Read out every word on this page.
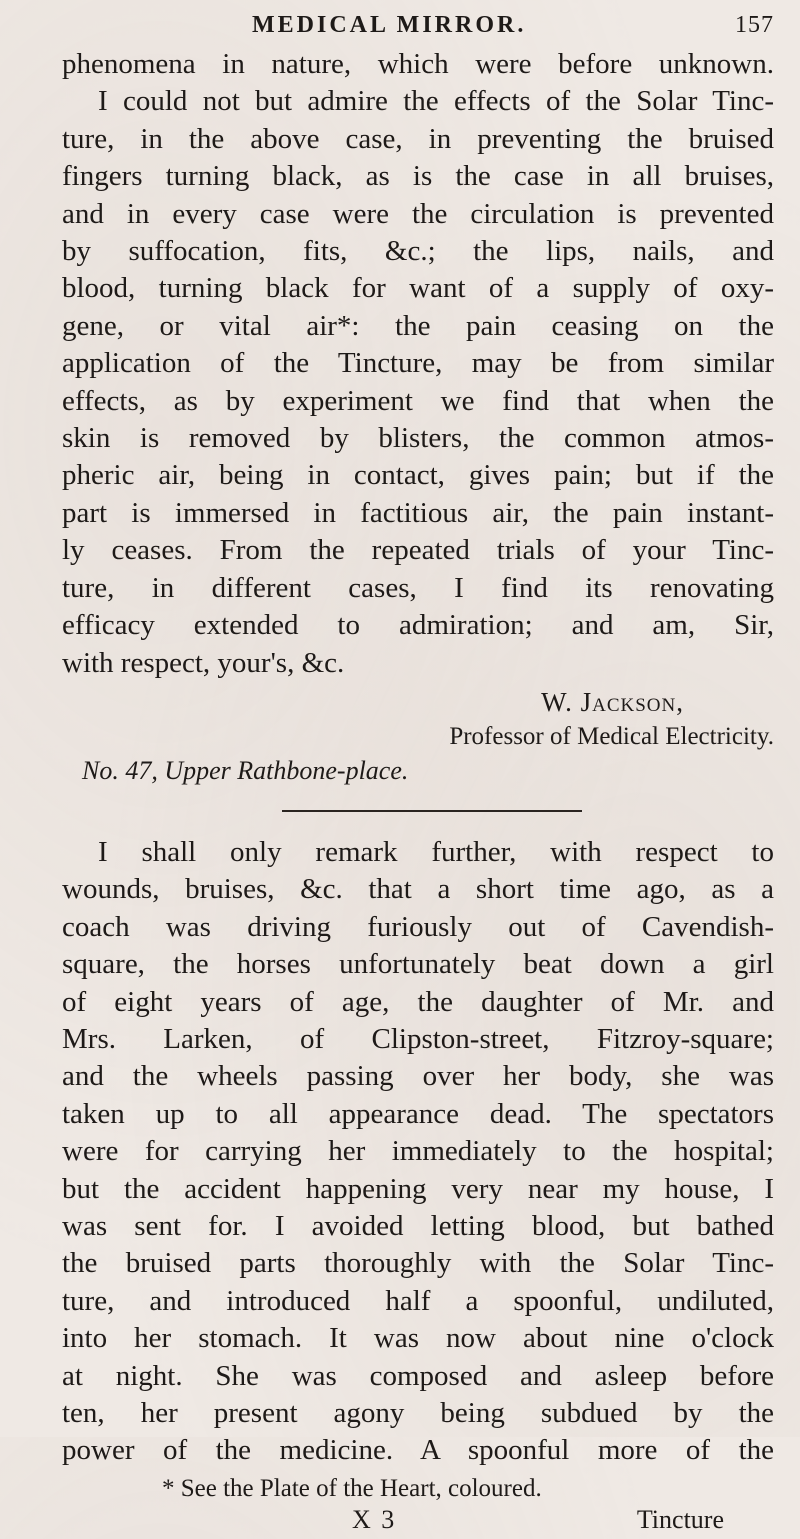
MEDICAL MIRROR.	157
phenomena in nature, which were before unknown.
I could not but admire the effects of the Solar Tinc-
ture, in the above case, in preventing the bruised
fingers turning black, as is the case in all bruises,
and in every case were the circulation is prevented
by suffocation, fits, &c.; the lips, nails, and
blood, turning black for want of a supply of oxy-
gene, or vital air*: the pain ceasing on the
application of the Tincture, may be from similar
effects, as by experiment we find that when the
skin is removed by blisters, the common atmos-
pheric air, being in contact, gives pain; but if the
part is immersed in factitious air, the pain instant-
ly ceases. From the repeated trials of your Tinc-
ture, in different cases, I find its renovating
efficacy extended to admiration; and am, Sir,
with respect, your's, &c.
W. Jackson,
Professor of Medical Electricity.
No. 47, Upper Rathbone-place.
I shall only remark further, with respect to
wounds, bruises, &c. that a short time ago, as a
coach was driving furiously out of Cavendish-
square, the horses unfortunately beat down a girl
of eight years of age, the daughter of Mr. and
Mrs. Larken, of Clipston-street, Fitzroy-square;
and the wheels passing over her body, she was
taken up to all appearance dead. The spectators
were for carrying her immediately to the hospital;
but the accident happening very near my house, I
was sent for. I avoided letting blood, but bathed
the bruised parts thoroughly with the Solar Tinc-
ture, and introduced half a spoonful, undiluted,
into her stomach. It was now about nine o'clock
at night. She was composed and asleep before
ten, her present agony being subdued by the
power of the medicine. A spoonful more of the
* See the Plate of the Heart, coloured.
X 3	Tincture
